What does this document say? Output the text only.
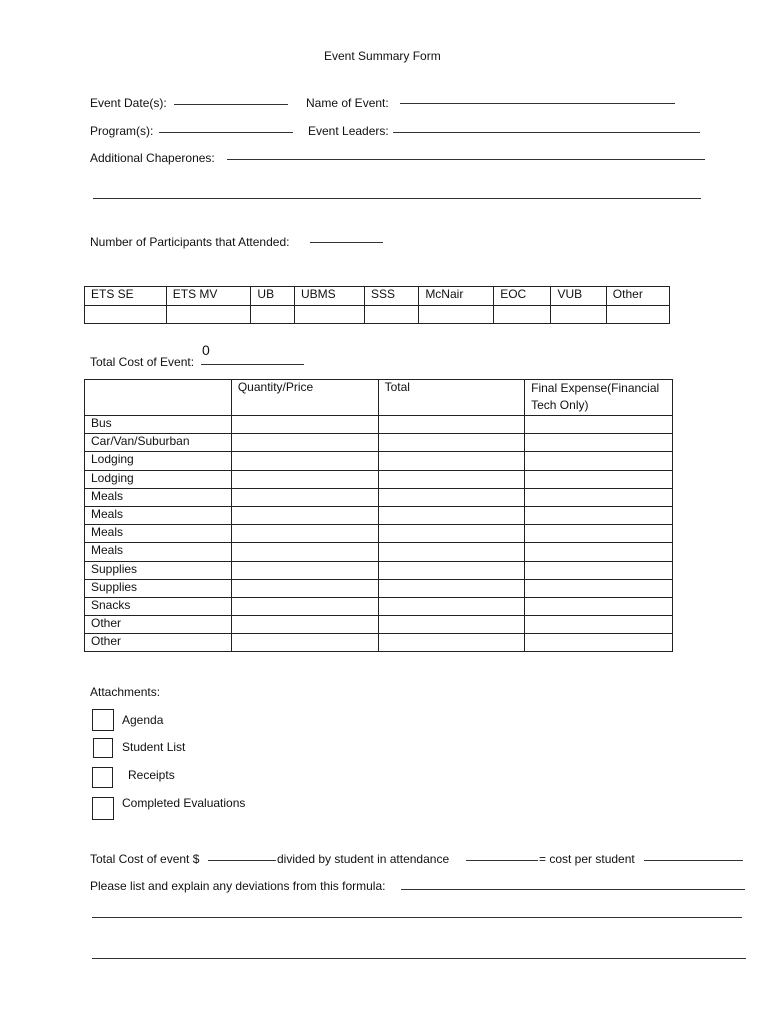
Event Summary Form
Event Date(s):	Name of Event:
Program(s):	Event Leaders:
Additional Chaperones:
Number of Participants that Attended:
ETS SE	ETS MV	UB	UBMS	SSS	McNair	EOC	VUB	Other

Total Cost of Event:
0
	Quantity/Price	Total	Final Expense(Financial Tech Only)
Bus			
Car/Van/Suburban			
Lodging			
Lodging			
Meals			
Meals			
Meals			
Meals			
Supplies			
Supplies			
Snacks			
Other			
Other			
Attachments:
Agenda
Student List
Receipts
Completed Evaluations
Total Cost of event $	divided by student in attendance	= cost per student
Please list and explain any deviations from this formula:
